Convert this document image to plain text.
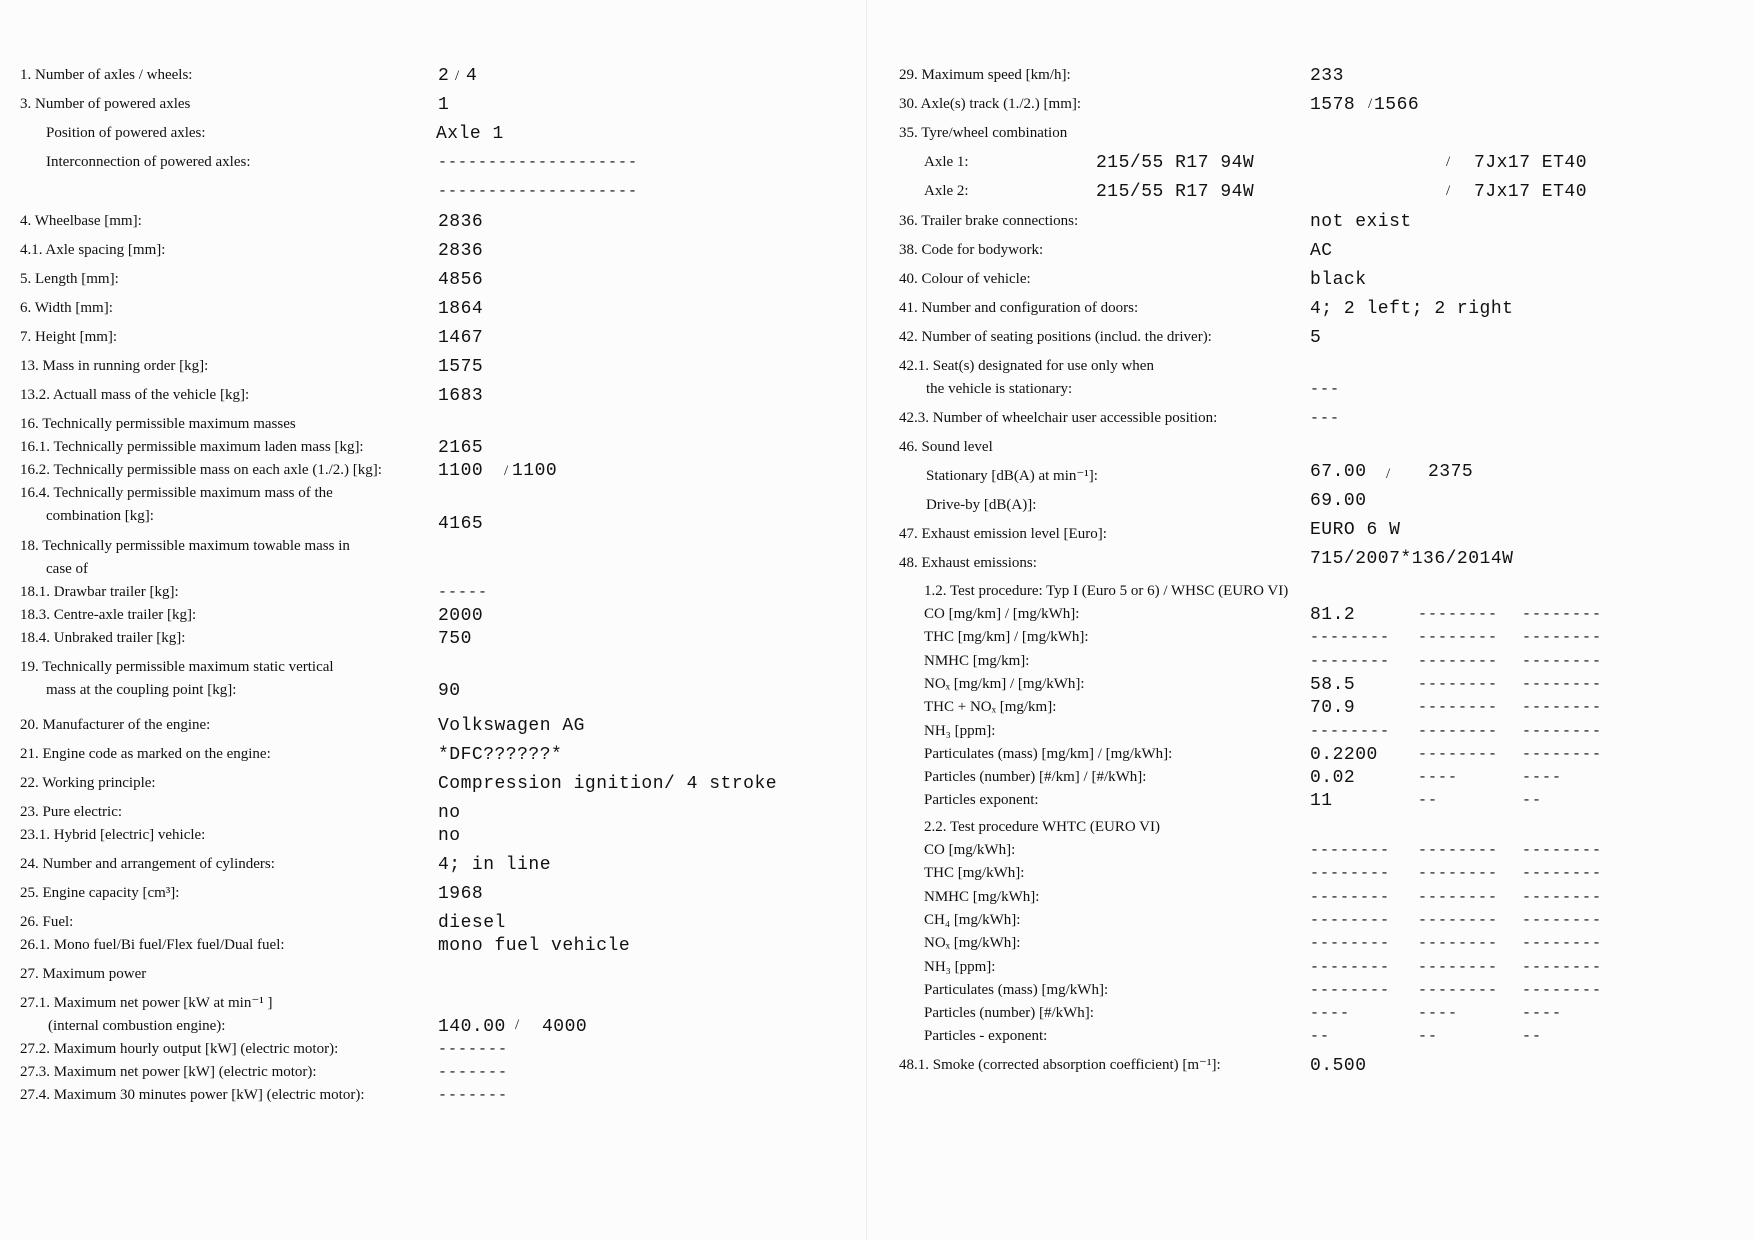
1. Number of axles / wheels:	2 / 4
3. Number of powered axles	1
Position of powered axles:	Axle 1
Interconnection of powered axles:	--------------------
--------------------
4. Wheelbase [mm]:	2836
4.1. Axle spacing [mm]:	2836
5. Length [mm]:	4856
6. Width [mm]:	1864
7. Height [mm]:	1467
13. Mass in running order [kg]:	1575
13.2. Actuall mass of the vehicle [kg]:	1683
16. Technically permissible maximum masses
16.1. Technically permissible maximum laden mass [kg]:	2165
16.2. Technically permissible mass on each axle (1./2.) [kg]:	1100 / 1100
16.4. Technically permissible maximum mass of the
combination [kg]:	4165
18. Technically permissible maximum towable mass in
case of
18.1. Drawbar trailer [kg]:	-----
18.3. Centre-axle trailer [kg]:	2000
18.4. Unbraked trailer [kg]:	750
19. Technically permissible maximum static vertical
mass at the coupling point [kg]:	90
20. Manufacturer of the engine:	Volkswagen AG
21. Engine code as marked on the engine:	*DFC??????*
22. Working principle:	Compression ignition/ 4 stroke
23. Pure electric:	no
23.1. Hybrid [electric] vehicle:	no
24. Number and arrangement of cylinders:	4; in line
25. Engine capacity [cm³]:	1968
26. Fuel:	diesel
26.1. Mono fuel/Bi fuel/Flex fuel/Dual fuel:	mono fuel vehicle
27. Maximum power
27.1. Maximum net power [kW at min⁻¹ ]
(internal combustion engine):	140.00 / 4000
27.2. Maximum hourly output [kW] (electric motor):	-------
27.3. Maximum net power [kW] (electric motor):	-------
27.4. Maximum 30 minutes power [kW] (electric motor):	-------
29. Maximum speed [km/h]:	233
30. Axle(s) track (1./2.) [mm]:	1578 / 1566
35. Tyre/wheel combination
Axle 1:	215/55 R17 94W	/ 7Jx17 ET40
Axle 2:	215/55 R17 94W	/ 7Jx17 ET40
36. Trailer brake connections:	not exist
38. Code for bodywork:	AC
40. Colour of vehicle:	black
41. Number and configuration of doors:	4; 2 left; 2 right
42. Number of seating positions (includ. the driver):	5
42.1. Seat(s) designated for use only when
the vehicle is stationary:	---
42.3. Number of wheelchair user accessible position:	---
46. Sound level
Stationary [dB(A) at min⁻¹]:	67.00 / 2375
Drive-by [dB(A)]:	69.00
47. Exhaust emission level [Euro]:	EURO 6 W
48. Exhaust emissions:	715/2007*136/2014W
1.2. Test procedure: Typ I (Euro 5 or 6) / WHSC (EURO VI)
CO [mg/km] / [mg/kWh]:	81.2	-------- --------
THC [mg/km] / [mg/kWh]:	-------- -------- --------
NMHC [mg/km]:	-------- -------- --------
NOₓ [mg/km] / [mg/kWh]:	58.5	-------- --------
THC + NOₓ [mg/km]:	70.9	-------- --------
NH₃ [ppm]:	-------- -------- --------
Particulates (mass) [mg/km] / [mg/kWh]:	0.2200	-------- --------
Particles (number) [#/km] / [#/kWh]:	0.02	----	----
Particles exponent:	11	--	--
2.2. Test procedure WHTC (EURO VI)
CO [mg/kWh]:	-------- -------- --------
THC [mg/kWh]:	-------- -------- --------
NMHC [mg/kWh]:	-------- -------- --------
CH₄ [mg/kWh]:	-------- -------- --------
NOₓ [mg/kWh]:	-------- -------- --------
NH₃ [ppm]:	-------- -------- --------
Particulates (mass) [mg/kWh]:	-------- -------- --------
Particles (number) [#/kWh]:	----	----	----
Particles - exponent:	--	--	--
48.1. Smoke (corrected absorption coefficient) [m⁻¹]:	0.500
